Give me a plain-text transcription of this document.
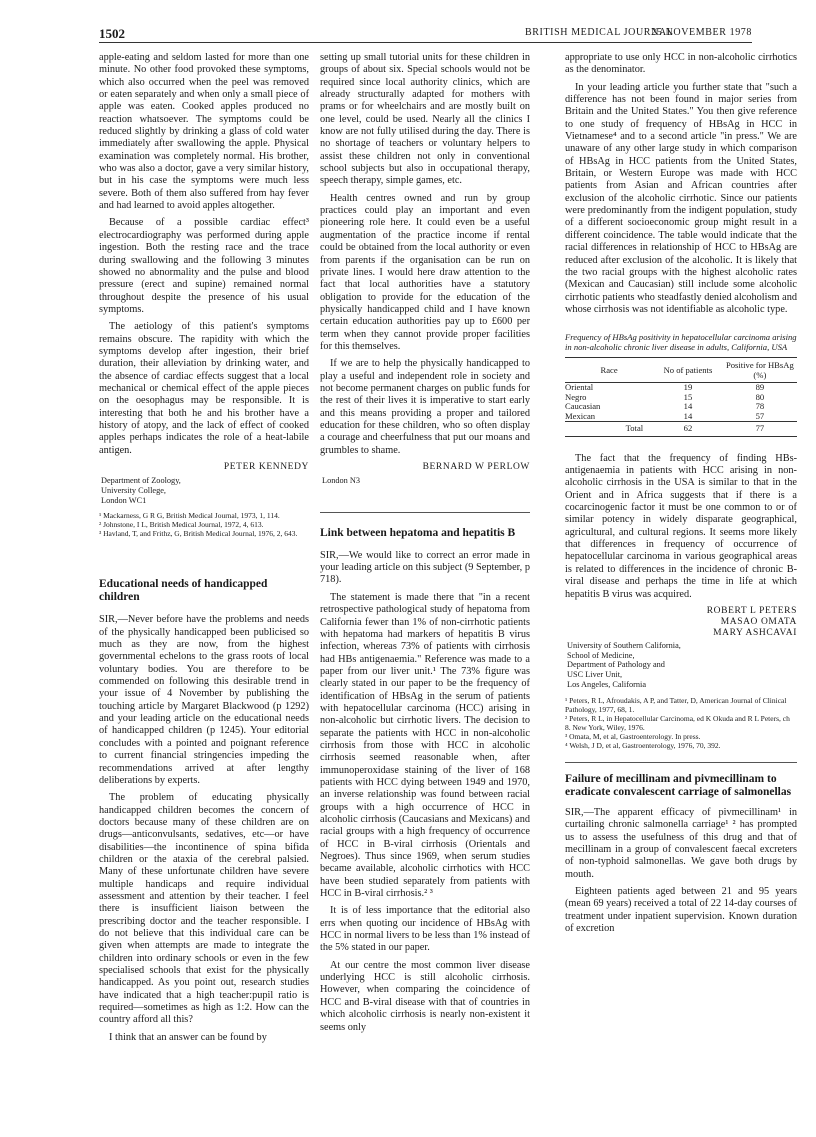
1502	BRITISH MEDICAL JOURNAL
25 NOVEMBER 1978

apple-eating and seldom lasted for more than one minute. No other food provoked these symptoms, which also occurred when the peel was removed or eaten separately and when only a small piece of apple was eaten. Cooked apples produced no reaction whatsoever. The symptoms could be reduced slightly by drinking a glass of cold water immediately after swallowing the apple. Physical examination was completely normal. His brother, who was also a doctor, gave a very similar history, but in his case the symptoms were much less severe. Both of them also suffered from hay fever and had learned to avoid apples altogether.

Because of a possible cardiac effect³ electrocardiography was performed during apple ingestion. Both the resting race and the trace during swallowing and the following 3 minutes showed no abnormality and the pulse and blood pressure (erect and supine) remained normal throughout despite the presence of his usual symptoms.

The aetiology of this patient's symptoms remains obscure. The rapidity with which the symptoms develop after ingestion, their brief duration, their alleviation by drinking water, and the absence of cardiac effects suggest that a local mechanical or chemical effect of the apple pieces on the oesophagus may be responsible. It is interesting that both he and his brother have a history of atopy, and the lack of effect of cooked apples perhaps indicates the role of a heat-labile antigen.

PETER KENNEDY
Department of Zoology,
University College,
London WC1
¹ Mackarness, G R G, British Medical Journal, 1973, 1, 114.
² Johnstone, I L, British Medical Journal, 1972, 4, 613.
³ Havland, T, and Frithz, G, British Medical Journal, 1976, 2, 643.
Educational needs of handicapped children

SIR,—Never before have the problems and needs of the physically handicapped been publicised so much as they are now, from the highest governmental echelons to the grass roots of local voluntary bodies. You are therefore to be commended on following this desirable trend in your issue of 4 November by publishing the touching article by Margaret Blackwood (p 1292) and your leading article on the educational needs of handicapped children (p 1245). Your editorial concludes with a pointed and poignant reference to current financial stringencies impeding the recommendations arrived at after lengthy deliberations by experts.

The problem of educating physically handicapped children becomes the concern of doctors because many of these children are on drugs—anticonvulsants, sedatives, etc—or have disabilities—the incontinence of spina bifida children or the ataxia of the cerebral palsied. Many of these unfortunate children have severe multiple handicaps and require individual assessment and attention by their teacher. I feel there is insufficient liaison between the prescribing doctor and the teacher responsible. I do not believe that this individual care can be given when attempts are made to integrate the children into ordinary schools or even in the few specialised schools that exist for the physically handicapped. As you point out, research studies have indicated that a high teacher:pupil ratio is required—sometimes as high as 1:2. How can the country afford all this?

I think that an answer can be found by

setting up small tutorial units for these children in groups of about six. Special schools would not be required since local authority clinics, which are already structurally adapted for mothers with prams or for wheelchairs and are mostly built on one level, could be used. Nearly all the clinics I know are not fully utilised during the day. There is no shortage of teachers or voluntary helpers to assist these children not only in conventional school subjects but also in occupational therapy, speech therapy, simple games, etc.

Health centres owned and run by group practices could play an important and even pioneering role here. It could even be a useful augmentation of the practice income if rental could be obtained from the local authority or even from parents if the organisation can be run on private lines. I would here draw attention to the fact that local authorities have a statutory obligation to provide for the education of the physically handicapped child and I have known certain education authorities pay up to £600 per term when they cannot provide proper facilities for this themselves.

If we are to help the physically handicapped to play a useful and independent role in society and not become permanent charges on public funds for the rest of their lives it is imperative to start early and this means providing a proper and tailored education for these children, who so often display a courage and cheerfulness that put our moans and grumbles to shame.

BERNARD W PERLOW
London N3
Link between hepatoma and hepatitis B

SIR,—We would like to correct an error made in your leading article on this subject (9 September, p 718).

The statement is made there that "in a recent retrospective pathological study of hepatoma from California fewer than 1% of non-cirrhotic patients with hepatoma had markers of hepatitis B virus infection, whereas 73% of patients with cirrhosis had HBs antigenaemia." Reference was made to a paper from our liver unit.¹ The 73% figure was clearly stated in our paper to be the frequency of identification of HBsAg in the serum of patients with hepatocellular carcinoma (HCC) arising in non-alcoholic but cirrhotic livers. The decision to separate the patients with HCC in non-alcoholic cirrhosis from those with HCC in alcoholic cirrhosis seemed reasonable when, after immunoperoxidase staining of the liver of 168 patients with HCC dying between 1949 and 1970, an inverse relationship was found between racial groups with a high occurrence of HCC in alcoholic cirrhosis (Caucasians and Mexicans) and racial groups with a high frequency of occurrence of HCC in B-viral cirrhosis (Orientals and Negroes). Thus since 1969, when serum studies became available, alcoholic cirrhotics with HCC have been studied separately from patients with HCC in B-viral cirrhosis.² ³

It is of less importance that the editorial also errs when quoting our incidence of HBsAg with HCC in normal livers to be less than 1% instead of the 5% stated in our paper.

At our centre the most common liver disease underlying HCC is still alcoholic cirrhosis. However, when comparing the coincidence of HCC and B-viral disease with that of countries in which alcoholic cirrhosis is nearly non-existent it seems only

appropriate to use only HCC in non-alcoholic cirrhotics as the denominator.

In your leading article you further state that "such a difference has not been found in major series from Britain and the United States." You then give reference to one study of frequency of HBsAg in HCC in Vietnamese⁴ and to a second article "in press." We are unaware of any other large study in which comparison of HBsAg in HCC patients from the United States, Britain, or Western Europe was made with HCC patients from Asian and African countries after exclusion of the alcoholic cirrhotic. Since our patients were predominantly from the indigent population, study of a different socioeconomic group might result in a different coincidence. The table would indicate that the racial differences in relationship of HCC to HBsAg are reduced after exclusion of the alcoholic. It is likely that the two racial groups with the highest alcoholic rates (Mexican and Caucasian) still include some alcoholic cirrhotic patients who steadfastly denied alcoholism and whose cirrhosis was not identifiable as alcoholic type.

Frequency of HBsAg positivity in hepatocellular carcinoma arising in non-alcoholic chronic liver disease in adults, California, USA
Race	No of patients	Positive for HBsAg (%)
Oriental	19	89
Negro	15	80
Caucasian	14	78
Mexican	14	57
Total	62	77

The fact that the frequency of finding HBs-antigenaemia in patients with HCC arising in non-alcoholic cirrhosis in the USA is similar to that in the Orient and in Africa suggests that if there is a cocarcinogenic factor it must be one common to or of similar potency in widely disparate geographical, agricultural, and cultural regions. It seems more likely that differences in frequency of occurrence of hepatocellular carcinoma in various geographical areas is related to differences in the incidence of chronic B-viral disease and perhaps the time in life at which hepatitis B virus was acquired.

ROBERT L PETERS
MASAO OMATA
MARY ASHCAVAI
University of Southern California,
School of Medicine,
Department of Pathology and
USC Liver Unit,
Los Angeles, California
¹ Peters, R L, Afroudakis, A P, and Tatter, D, American Journal of Clinical Pathology, 1977, 68, 1.
² Peters, R L, in Hepatocellular Carcinoma, ed K Okuda and R L Peters, ch 8. New York, Wiley, 1976.
³ Omata, M, et al, Gastroenterology. In press.
⁴ Welsh, J D, et al, Gastroenterology, 1976, 70, 392.
Failure of mecillinam and pivmecillinam to eradicate convalescent carriage of salmonellas

SIR,—The apparent efficacy of pivmecillinam¹ in curtailing chronic salmonella carriage¹ ² has prompted us to assess the usefulness of this drug and that of mecillinam in a group of convalescent faecal excreters of non-typhoid salmonellas. We gave both drugs by mouth.

Eighteen patients aged between 21 and 95 years (mean 69 years) received a total of 22 14-day courses of treatment under inpatient supervision. Known duration of excretion
